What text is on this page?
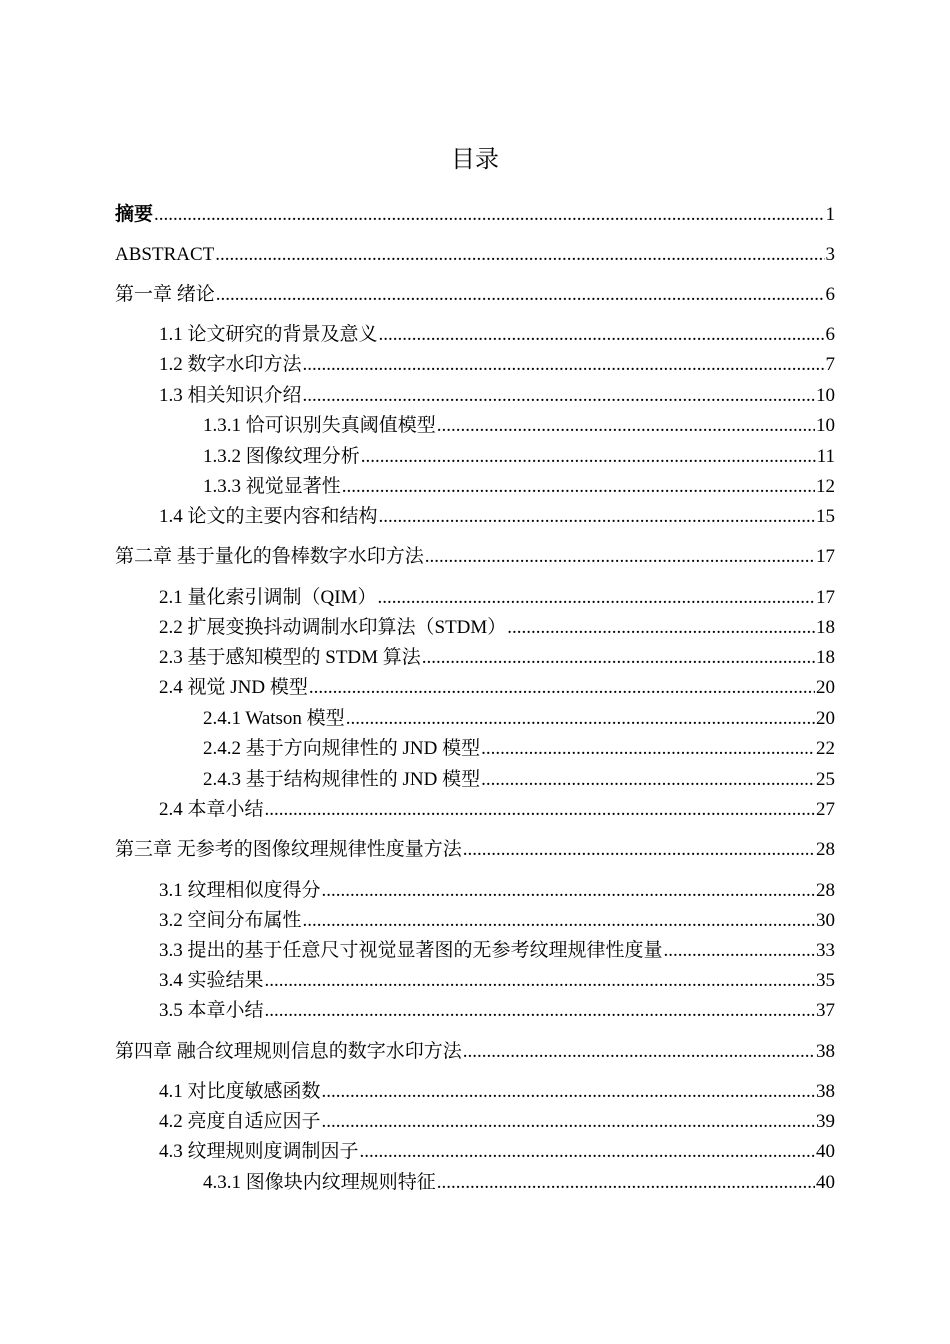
目录
摘要 .....	1
ABSTRACT .....	3
第一章 绪论 .....	6
1.1 论文研究的背景及意义 .....	6
1.2 数字水印方法 .....	7
1.3 相关知识介绍 .....	10
1.3.1 恰可识别失真阈值模型 .....	10
1.3.2 图像纹理分析 .....	11
1.3.3 视觉显著性 .....	12
1.4 论文的主要内容和结构 .....	15
第二章 基于量化的鲁棒数字水印方法 .....	17
2.1 量化索引调制（QIM） .....	17
2.2 扩展变换抖动调制水印算法（STDM） .....	18
2.3 基于感知模型的 STDM 算法 .....	18
2.4 视觉 JND 模型 .....	20
2.4.1 Watson 模型 .....	20
2.4.2 基于方向规律性的 JND 模型 .....	22
2.4.3 基于结构规律性的 JND 模型 .....	25
2.4 本章小结 .....	27
第三章 无参考的图像纹理规律性度量方法 .....	28
3.1 纹理相似度得分 .....	28
3.2 空间分布属性 .....	30
3.3 提出的基于任意尺寸视觉显著图的无参考纹理规律性度量 .....	33
3.4 实验结果 .....	35
3.5 本章小结 .....	37
第四章 融合纹理规则信息的数字水印方法 .....	38
4.1 对比度敏感函数 .....	38
4.2 亮度自适应因子 .....	39
4.3 纹理规则度调制因子 .....	40
4.3.1 图像块内纹理规则特征 .....	40
